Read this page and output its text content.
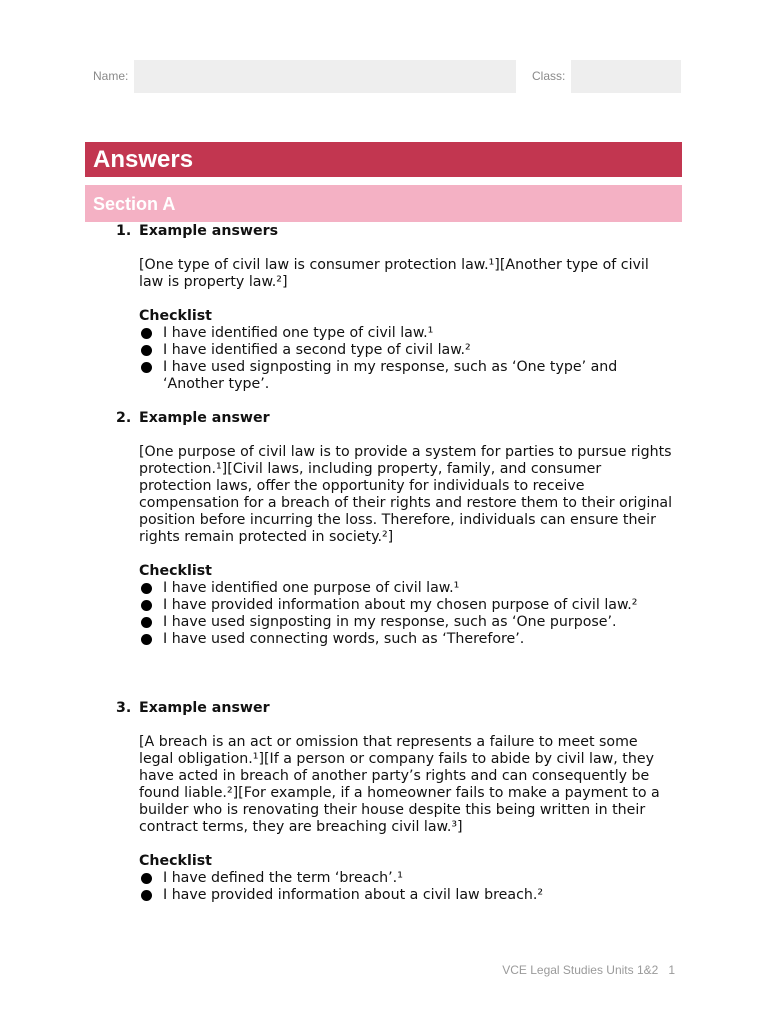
Name:	Class:
Answers
Section A
1. Example answers
[One type of civil law is consumer protection law.¹][Another type of civil law is property law.²]
Checklist
I have identified one type of civil law.¹
I have identified a second type of civil law.²
I have used signposting in my response, such as ‘One type’ and ‘Another type’.
2. Example answer
[One purpose of civil law is to provide a system for parties to pursue rights protection.¹][Civil laws, including property, family, and consumer protection laws, offer the opportunity for individuals to receive compensation for a breach of their rights and restore them to their original position before incurring the loss. Therefore, individuals can ensure their rights remain protected in society.²]
Checklist
I have identified one purpose of civil law.¹
I have provided information about my chosen purpose of civil law.²
I have used signposting in my response, such as ‘One purpose’.
I have used connecting words, such as ‘Therefore’.
3. Example answer
[A breach is an act or omission that represents a failure to meet some legal obligation.¹][If a person or company fails to abide by civil law, they have acted in breach of another party’s rights and can consequently be found liable.²][For example, if a homeowner fails to make a payment to a builder who is renovating their house despite this being written in their contract terms, they are breaching civil law.³]
Checklist
I have defined the term ‘breach’.¹
I have provided information about a civil law breach.²
VCE Legal Studies Units 1&2 1
